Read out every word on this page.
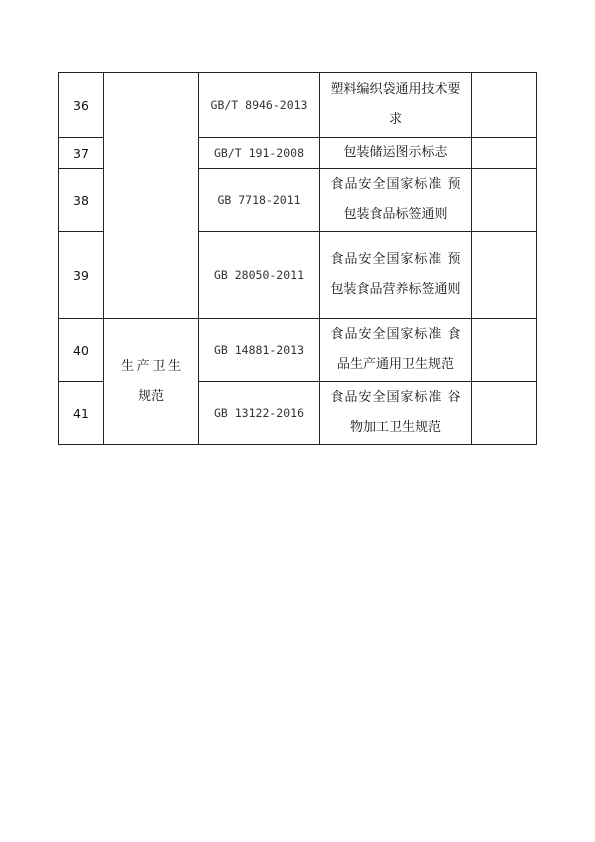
36		GB/T 8946-2013	塑料编织袋通用技术要求	
37		GB/T 191-2008	包装储运图示标志	
38		GB 7718-2011	食品安全国家标准 预包装食品标签通则	
39		GB 28050-2011	食品安全国家标准 预包装食品营养标签通则	
40	生产卫生规范	GB 14881-2013	食品安全国家标准 食品生产通用卫生规范	
41		GB 13122-2016	食品安全国家标准 谷物加工卫生规范	
